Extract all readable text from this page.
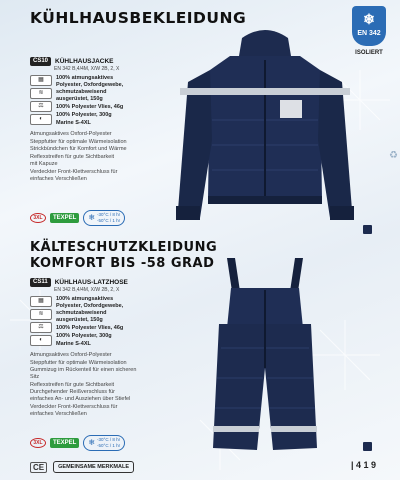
KÜHLHAUSBEKLEIDUNG	❄
EN 342
ISOLIERT
CS10	KÜHLHAUSJACKE
EN 342 B,4/4M, X/W 2B, 2, X
▦
≋
⚖
◐
100% atmungsaktives Polyester, Oxfordgewebe, schmutzabweisend ausgerüstet, 150g
100% Polyester Vlies, 46g
100% Polyester, 300g
Marine S-4XL
Atmungsaktives Oxford-Polyester
Steppfutter für optimale Wärmeisolation
Strickbündchen für Komfort und Wärme
Reflexstreifen für gute Sichtbarkeit
mit Kapuze
Verdeckter Front-Klettverschluss für einfaches Verschließen
3XL	TEXPEL	❄ -30°C / 8 hr
-50°C / 1 hr
KÄLTESCHUTZKLEIDUNG
KOMFORT BIS -58 GRAD
CS11	KÜHLHAUS-LATZHOSE
EN 342 B,4/4M, X/W 2B, 2, X
▦
≋
⚖
◐
100% atmungsaktives Polyester, Oxfordgewebe, schmutzabweisend ausgerüstet, 150g
100% Polyester Vlies, 46g
100% Polyester, 300g
Marine S-4XL
Atmungsaktives Oxford-Polyester
Steppfutter für optimale Wärmeisolation
Gummizug im Rückenteil für einen sicheren Sitz
Reflexstreifen für gute Sichtbarkeit
Durchgehender Reißverschluss für einfaches An- und Ausziehen über Stiefel
Verdeckter Front-Klettverschluss für einfaches Verschließen
3XL	TEXPEL	❄ -30°C / 8 hr
-50°C / 1 hr
♻
CE	GEMEINSAME MERKMALE	| 4 1 9
